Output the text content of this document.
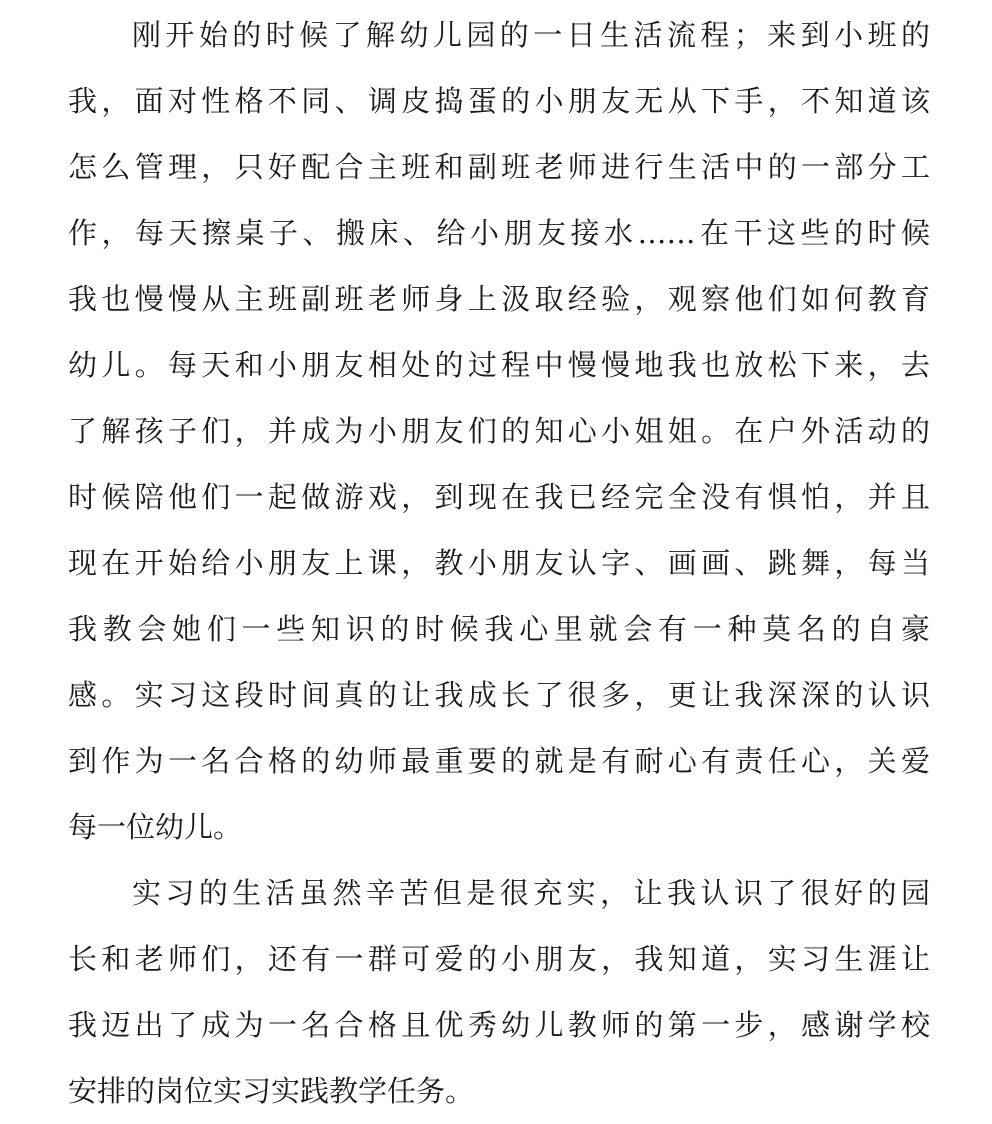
刚开始的时候了解幼儿园的一日生活流程；来到小班的
我，面对性格不同、调皮捣蛋的小朋友无从下手，不知道该
怎么管理，只好配合主班和副班老师进行生活中的一部分工
作，每天擦桌子、搬床、给小朋友接水……在干这些的时候
我也慢慢从主班副班老师身上汲取经验，观察他们如何教育
幼儿。每天和小朋友相处的过程中慢慢地我也放松下来，去
了解孩子们，并成为小朋友们的知心小姐姐。在户外活动的
时候陪他们一起做游戏，到现在我已经完全没有惧怕，并且
现在开始给小朋友上课，教小朋友认字、画画、跳舞，每当
我教会她们一些知识的时候我心里就会有一种莫名的自豪
感。实习这段时间真的让我成长了很多，更让我深深的认识
到作为一名合格的幼师最重要的就是有耐心有责任心，关爱
每一位幼儿。
实习的生活虽然辛苦但是很充实，让我认识了很好的园
长和老师们，还有一群可爱的小朋友，我知道，实习生涯让
我迈出了成为一名合格且优秀幼儿教师的第一步，感谢学校
安排的岗位实习实践教学任务。
